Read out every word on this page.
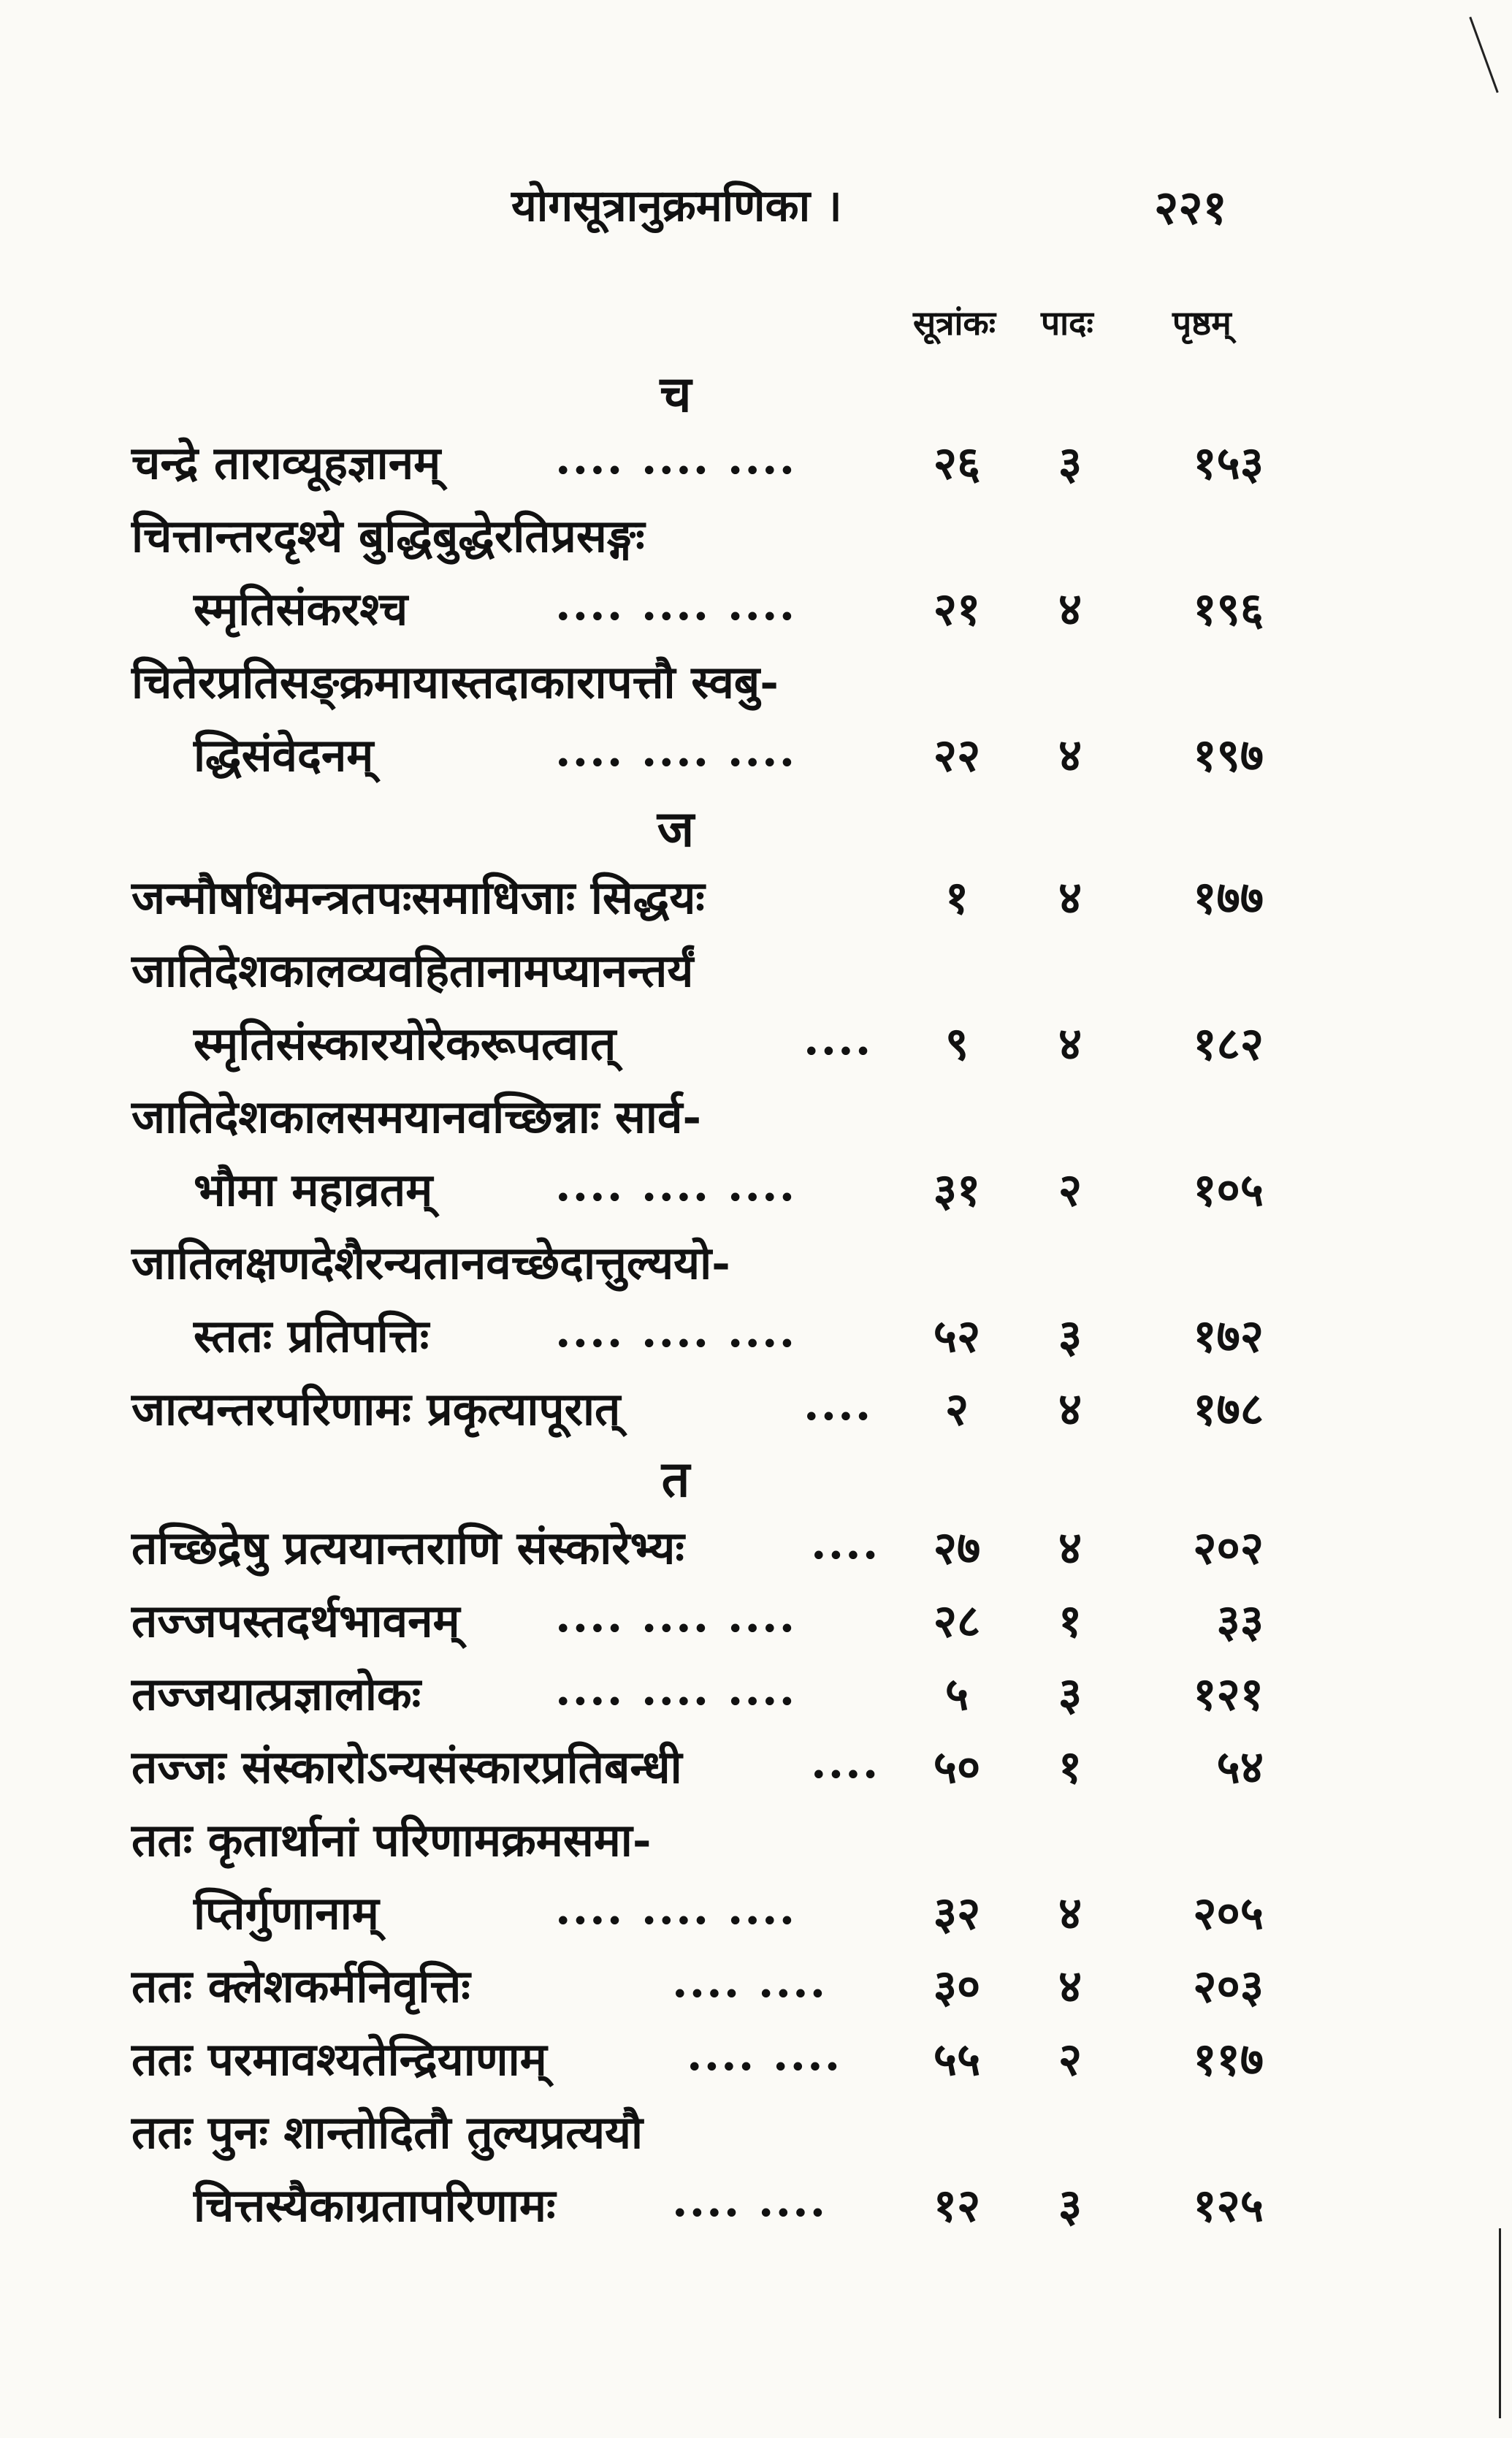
योगसूत्रानुक्रमणिका ।	२२१
सूत्रांकः पादः पृष्ठम्
च
ज
त
चन्द्रे ताराव्यूहज्ञानम्	.... .... ....	२६	३	१५३
चित्तान्तरदृश्ये बुद्धिबुद्धेरतिप्रसङ्गः
स्मृतिसंकरश्च	.... .... ....	२१	४	१९६
चितेरप्रतिसङ्क्रमायास्तदाकारापत्तौ स्वबु-
द्धिसंवेदनम्	.... .... ....	२२	४	१९७
जन्मौषधिमन्त्रतपःसमाधिजाः सिद्धयः	१	४	१७७
जातिदेशकालव्यवहितानामप्यानन्तर्यं
स्मृतिसंस्कारयोरेकरूपत्वात्	....	९	४	१८२
जातिदेशकालसमयानवच्छिन्नाः सार्व-
भौमा महाव्रतम्	.... .... ....	३१	२	१०५
जातिलक्षणदेशैरन्यतानवच्छेदात्तुल्ययो-
स्ततः प्रतिपत्तिः	.... .... ....	५२	३	१७२
जात्यन्तरपरिणामः प्रकृत्यापूरात्	....	२	४	१७८
तच्छिद्रेषु प्रत्ययान्तराणि संस्कारेभ्यः	....	२७	४	२०२
तज्जपस्तदर्थभावनम् .... .... ....	२८	१	३३
तज्जयात्प्रज्ञालोकः	.... .... ....	५	३	१२१
तज्जः संस्कारोऽन्यसंस्कारप्रतिबन्धी	....	५०	१	५४
ततः कृतार्थानां परिणामक्रमसमा-
प्तिर्गुणानाम्	.... .... ....	३२	४	२०५
ततः क्लेशकर्मनिवृत्तिः	.... ....	३०	४	२०३
ततः परमावश्यतेन्द्रियाणाम्	.... ....	५५	२	११७
ततः पुनः शान्तोदितौ तुल्यप्रत्ययौ
चित्तस्यैकाग्रतापरिणामः	.... ....	१२	३	१२५
